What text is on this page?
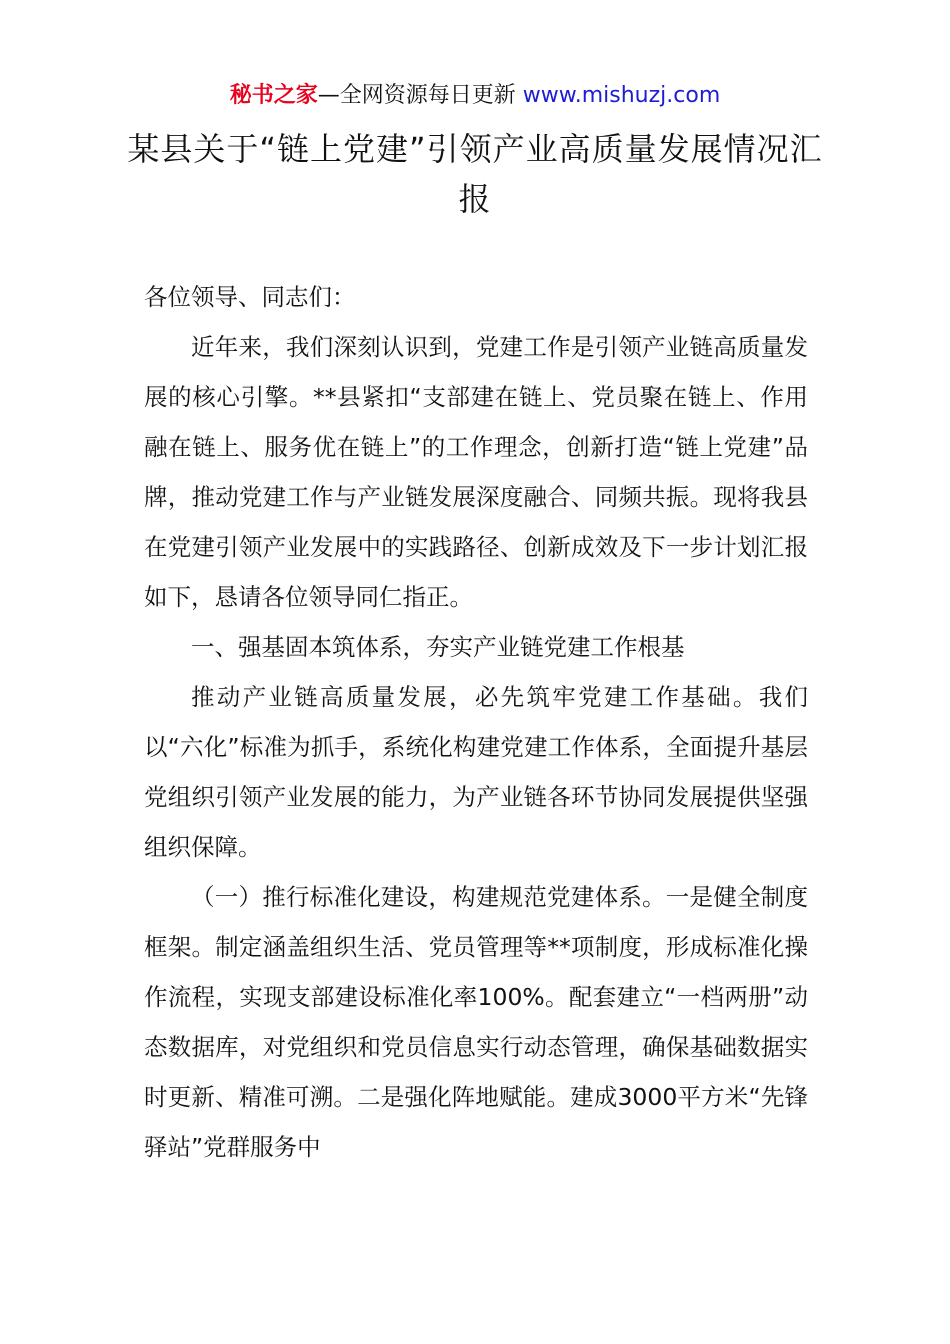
秘书之家—全网资源每日更新 www.mishuzj.com
某县关于“链上党建”引领产业高质量发展情况汇报

各位领导、同志们：

近年来，我们深刻认识到，党建工作是引领产业链高质量发展的核心引擎。**县紧扣“支部建在链上、党员聚在链上、作用融在链上、服务优在链上”的工作理念，创新打造“链上党建”品牌，推动党建工作与产业链发展深度融合、同频共振。现将我县在党建引领产业发展中的实践路径、创新成效及下一步计划汇报如下，恳请各位领导同仁指正。

一、强基固本筑体系，夯实产业链党建工作根基

推动产业链高质量发展，必先筑牢党建工作基础。我们以“六化”标准为抓手，系统化构建党建工作体系，全面提升基层党组织引领产业发展的能力，为产业链各环节协同发展提供坚强组织保障。

（一）推行标准化建设，构建规范党建体系。一是健全制度框架。制定涵盖组织生活、党员管理等**项制度，形成标准化操作流程，实现支部建设标准化率100%。配套建立“一档两册”动态数据库，对党组织和党员信息实行动态管理，确保基础数据实时更新、精准可溯。二是强化阵地赋能。建成3000平方米“先锋驿站”党群服务中
